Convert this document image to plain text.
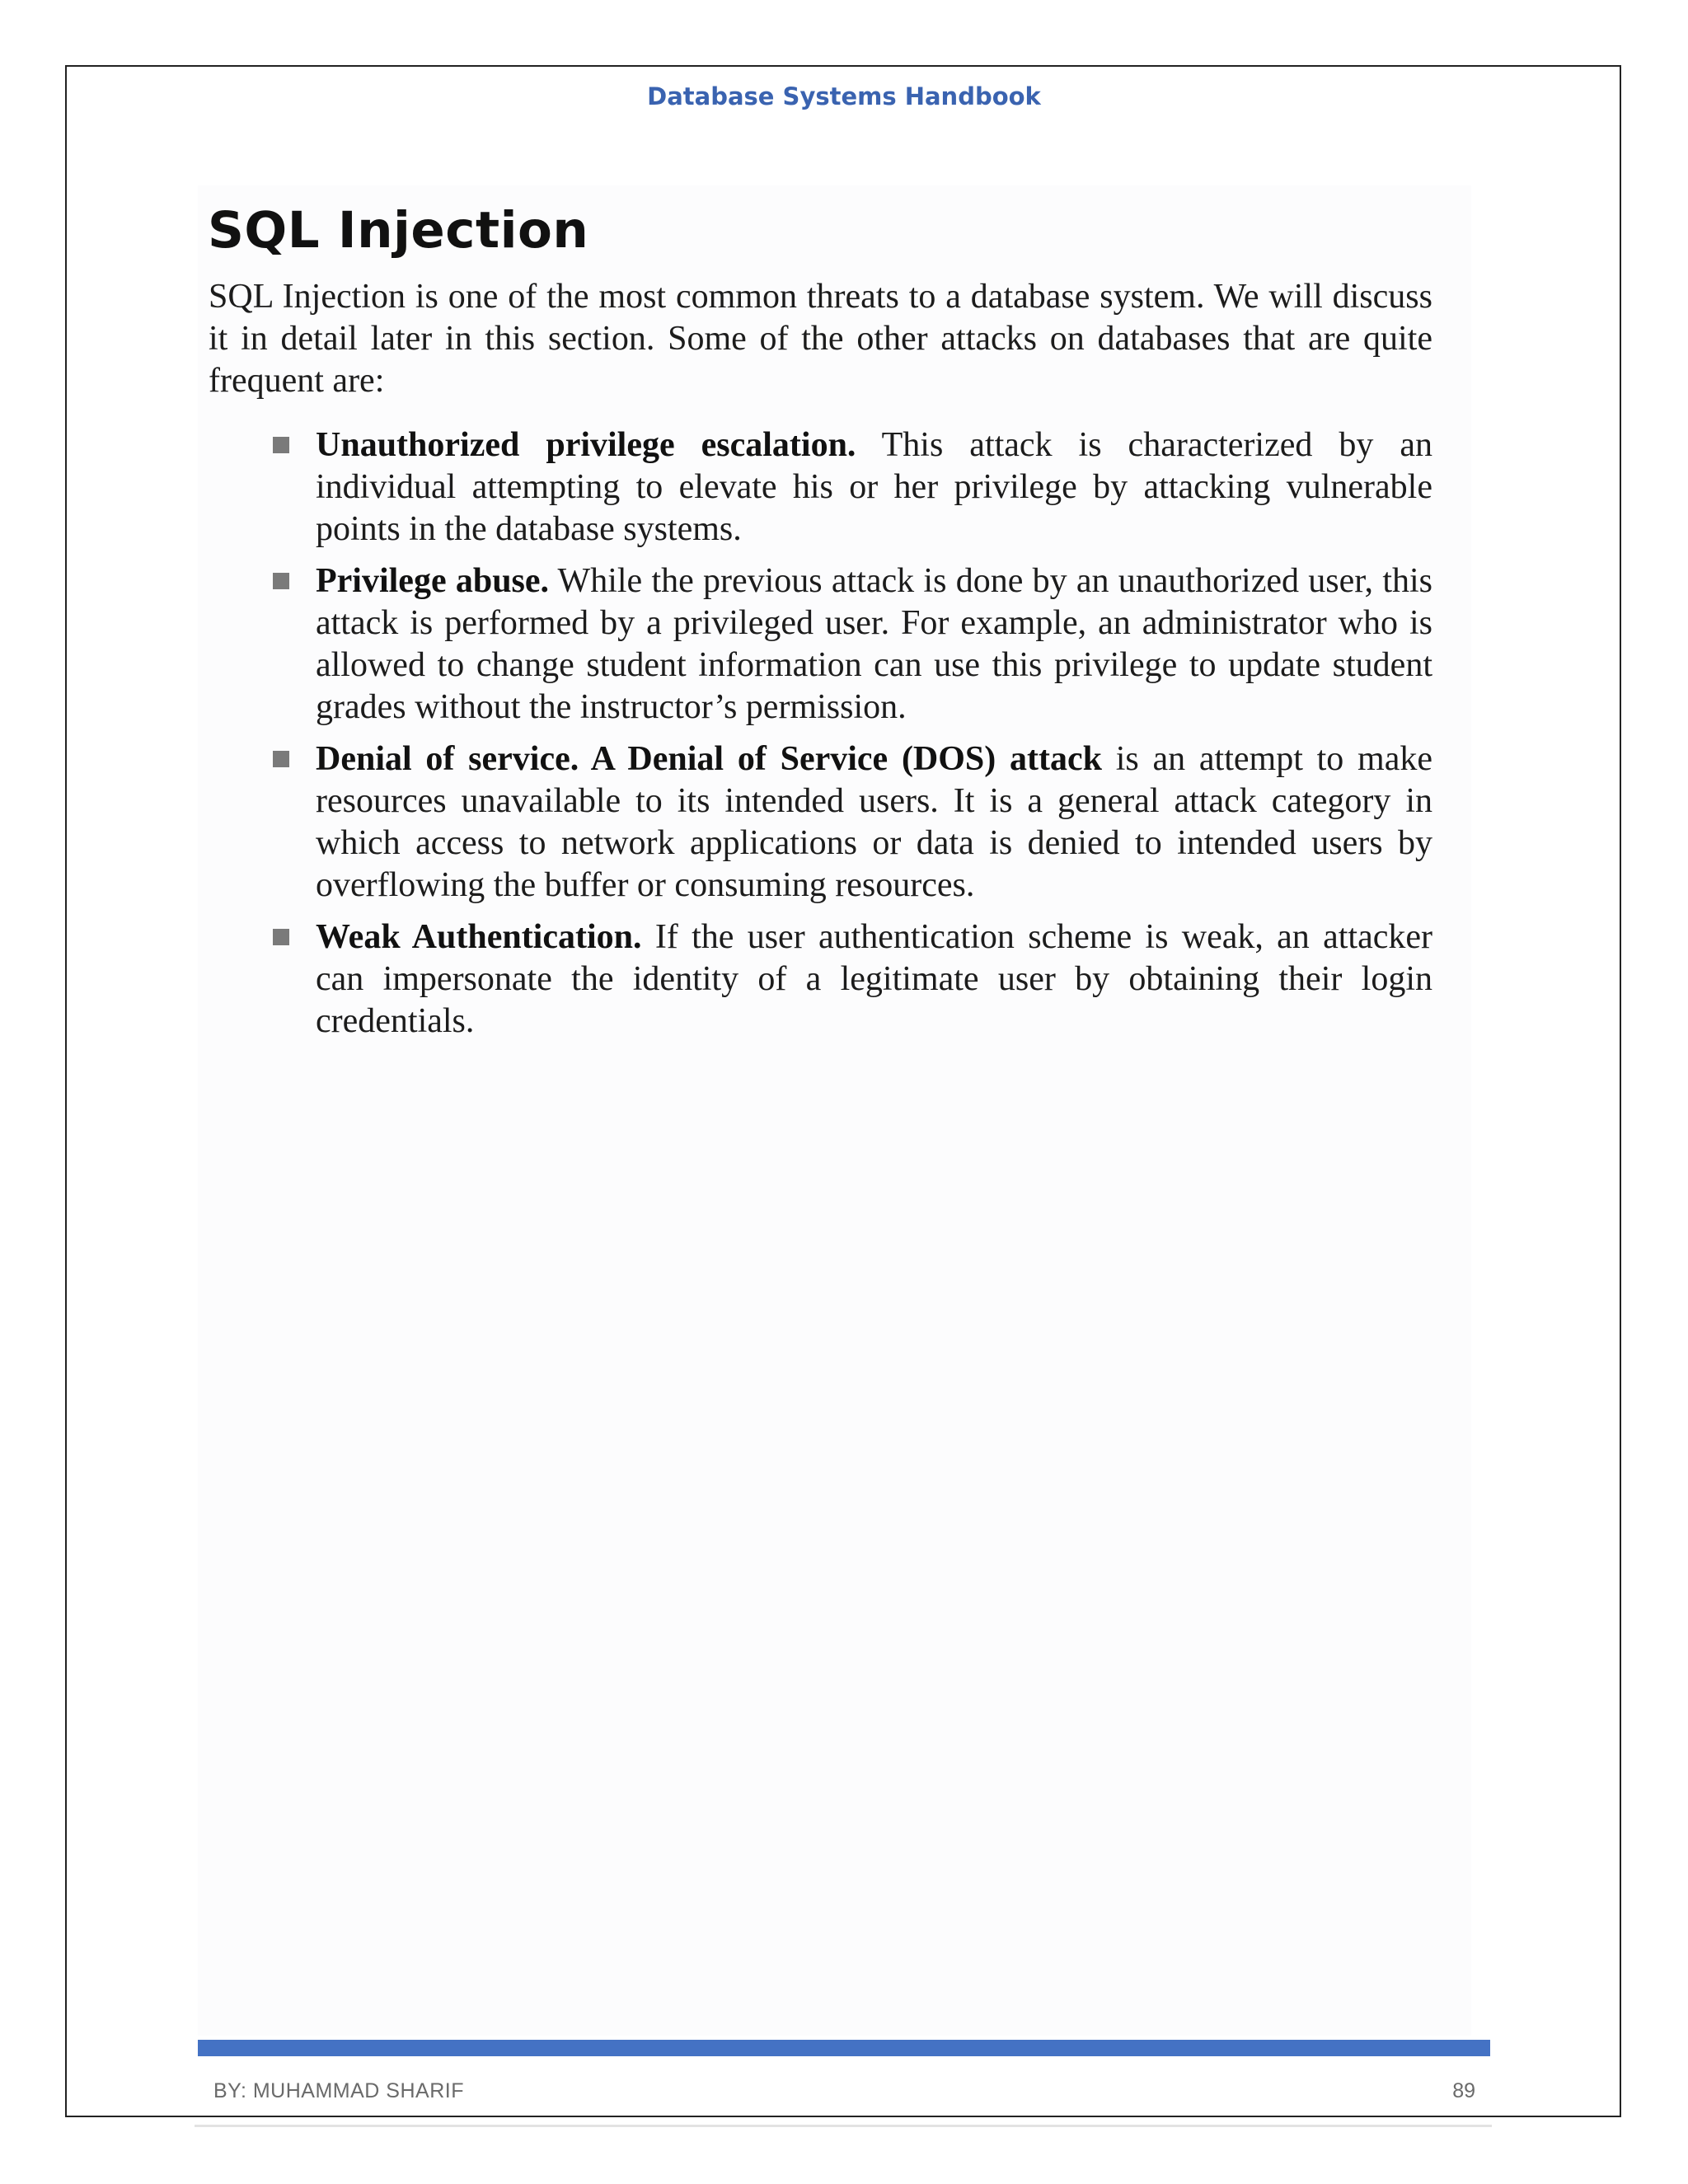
Database Systems Handbook
SQL Injection

SQL Injection is one of the most common threats to a database system. We will discuss it in detail later in this section. Some of the other attacks on databases that are quite frequent are:

Unauthorized privilege escalation. This attack is characterized by an individual attempting to elevate his or her privilege by attacking vulnerable points in the database systems.
Privilege abuse. While the previous attack is done by an unauthorized user, this attack is performed by a privileged user. For example, an administrator who is allowed to change student information can use this privilege to update student grades without the instructor’s permission.
Denial of service. A Denial of Service (DOS) attack is an attempt to make resources unavailable to its intended users. It is a general attack category in which access to network applications or data is denied to intended users by overflowing the buffer or consuming resources.
Weak Authentication. If the user authentication scheme is weak, an attacker can impersonate the identity of a legitimate user by obtaining their login credentials.
BY: MUHAMMAD SHARIF	89
